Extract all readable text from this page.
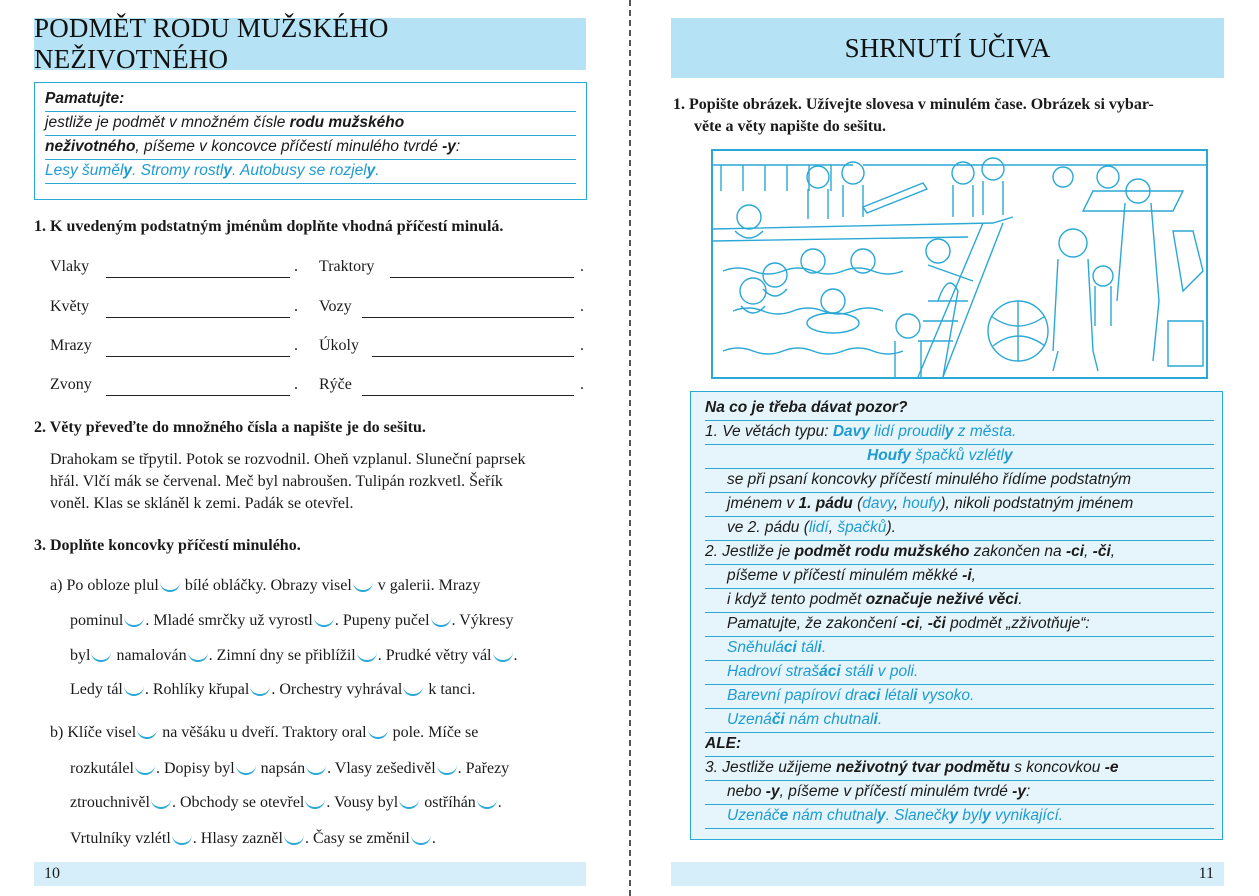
PODMĚT RODU MUŽSKÉHO NEŽIVOTNÉHO
Pamatujte:
jestliže je podmět v množném čísle rodu mužského
neživotného, píšeme v koncovce příčestí minulého tvrdé -y:
Lesy šuměly. Stromy rostly. Autobusy se rozjely.
1. K uvedeným podstatným jménům doplňte vhodná příčestí minulá.
Vlaky	. Traktory	.
Květy	. Vozy	.
Mrazy	. Úkoly	.
Zvony	. Rýče	.
2. Věty převeďte do množného čísla a napište je do sešitu.
Drahokam se třpytil. Potok se rozvodnil. Oheň vzplanul. Sluneční paprsek
hřál. Vlčí mák se červenal. Meč byl nabroušen. Tulipán rozkvetl. Šeřík
voněl. Klas se skláněl k zemi. Padák se otevřel.
3. Doplňte koncovky příčestí minulého.
a) Po obloze plul bílé obláčky. Obrazy visel v galerii. Mrazy
pominul . Mladé smrčky už vyrostl . Pupeny pučel . Výkresy
byl namalován . Zimní dny se přiblížil . Prudké větry vál .
Ledy tál . Rohlíky křupal . Orchestry vyhrával k tanci.
b) Klíče visel na věšáku u dveří. Traktory oral pole. Míče se
rozkutálel . Dopisy byl napsán . Vlasy zešedivěl . Pařezy
ztrouchnivěl . Obchody se otevřel . Vousy byl ostříhán .
Vrtulníky vzlétl . Hlasy zazněl . Časy se změnil .
10
SHRNUTÍ UČIVA
1. Popište obrázek. Užívejte slovesa v minulém čase. Obrázek si vybar-
věte a věty napište do sešitu.
Na co je třeba dávat pozor?
1. Ve větách typu: Davy lidí proudily z města.
Houfy špačků vzlétly
se při psaní koncovky příčestí minulého řídíme podstatným
jménem v 1. pádu (davy, houfy), nikoli podstatným jménem
ve 2. pádu (lidí, špačků).
2. Jestliže je podmět rodu mužského zakončen na -ci, -či,
píšeme v příčestí minulém měkké -i,
i když tento podmět označuje neživé věci.
Pamatujte, že zakončení -ci, -či podmět „zživotňuje“:
Sněhuláci táli.
Hadroví strašáci stáli v poli.
Barevní papíroví draci létali vysoko.
Uzenáči nám chutnali.
ALE:
3. Jestliže užijeme neživotný tvar podmětu s koncovkou -e
nebo -y, píšeme v příčestí minulém tvrdé -y:
Uzenáče nám chutnaly. Slanečky byly vynikající.
11
